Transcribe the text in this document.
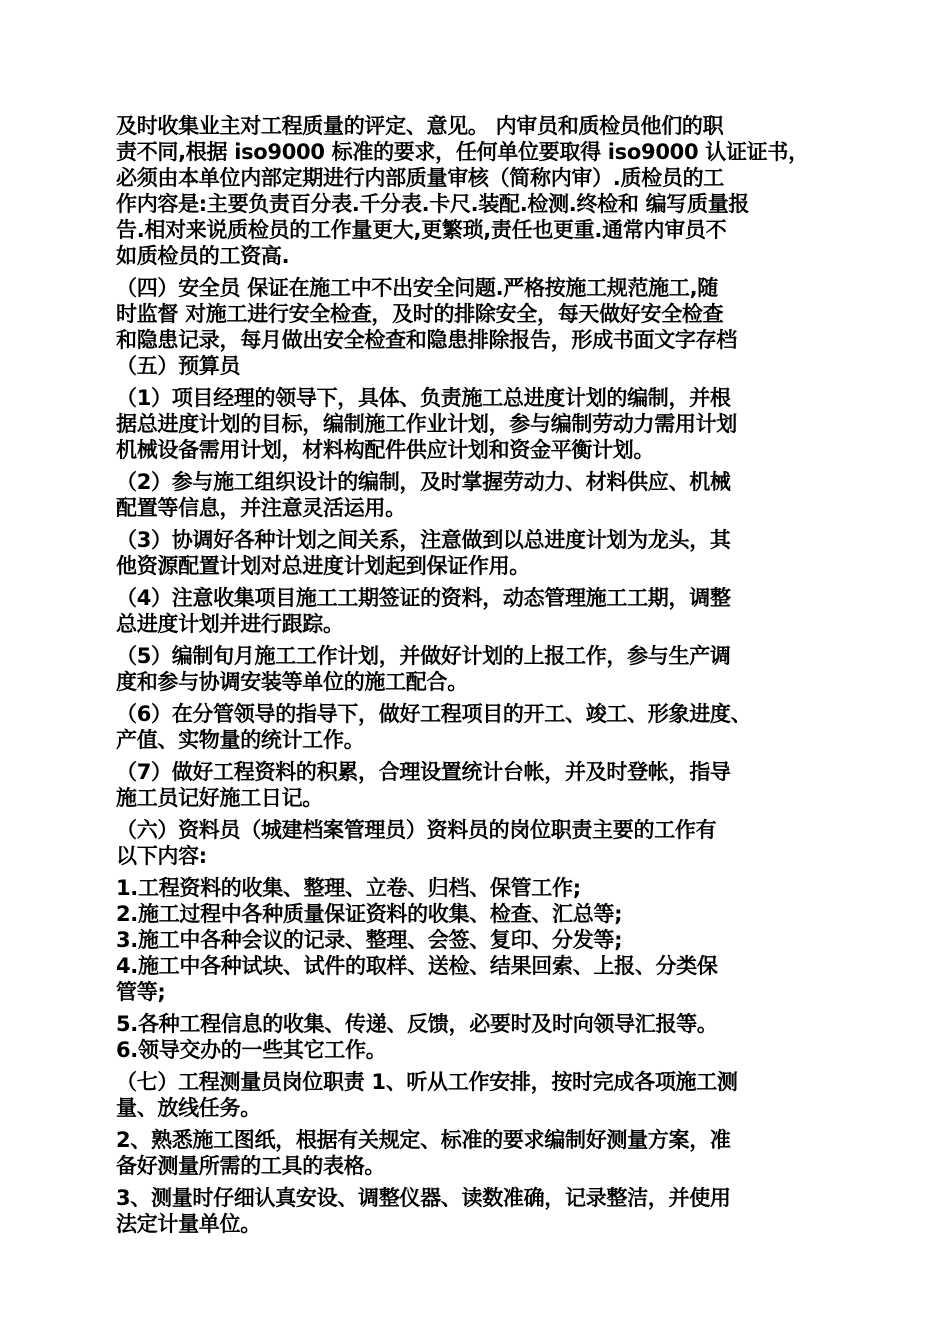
及时收集业主对工程质量的评定、意见。 内审员和质检员他们的职
责不同,根据 iso9000 标准的要求，任何单位要取得 iso9000 认证证书，
必须由本单位内部定期进行内部质量审核（简称内审）.质检员的工
作内容是:主要负责百分表.千分表.卡尺.装配.检测.终检和 编写质量报
告.相对来说质检员的工作量更大,更繁琐,责任也更重.通常内审员不
如质检员的工资高.
（四）安全员 保证在施工中不出安全问题.严格按施工规范施工,随
时监督 对施工进行安全检查，及时的排除安全，每天做好安全检查
和隐患记录，每月做出安全检查和隐患排除报告，形成书面文字存档
（五）预算员
（1）项目经理的领导下，具体、负责施工总进度计划的编制，并根
据总进度计划的目标，编制施工作业计划，参与编制劳动力需用计划
机械设备需用计划，材料构配件供应计划和资金平衡计划。
（2）参与施工组织设计的编制，及时掌握劳动力、材料供应、机械
配置等信息，并注意灵活运用。
（3）协调好各种计划之间关系，注意做到以总进度计划为龙头，其
他资源配置计划对总进度计划起到保证作用。
（4）注意收集项目施工工期签证的资料，动态管理施工工期，调整
总进度计划并进行跟踪。
（5）编制旬月施工工作计划，并做好计划的上报工作，参与生产调
度和参与协调安装等单位的施工配合。
（6）在分管领导的指导下，做好工程项目的开工、竣工、形象进度、
产值、实物量的统计工作。
（7）做好工程资料的积累，合理设置统计台帐，并及时登帐，指导
施工员记好施工日记。
（六）资料员（城建档案管理员）资料员的岗位职责主要的工作有
以下内容:
1.工程资料的收集、整理、立卷、归档、保管工作;
2.施工过程中各种质量保证资料的收集、检查、汇总等;
3.施工中各种会议的记录、整理、会签、复印、分发等;
4.施工中各种试块、试件的取样、送检、结果回索、上报、分类保
管等;
5.各种工程信息的收集、传递、反馈，必要时及时向领导汇报等。
6.领导交办的一些其它工作。
（七）工程测量员岗位职责 1、听从工作安排，按时完成各项施工测
量、放线任务。
2、熟悉施工图纸，根据有关规定、标准的要求编制好测量方案，准
备好测量所需的工具的表格。
3、测量时仔细认真安设、调整仪器、读数准确，记录整洁，并使用
法定计量单位。
